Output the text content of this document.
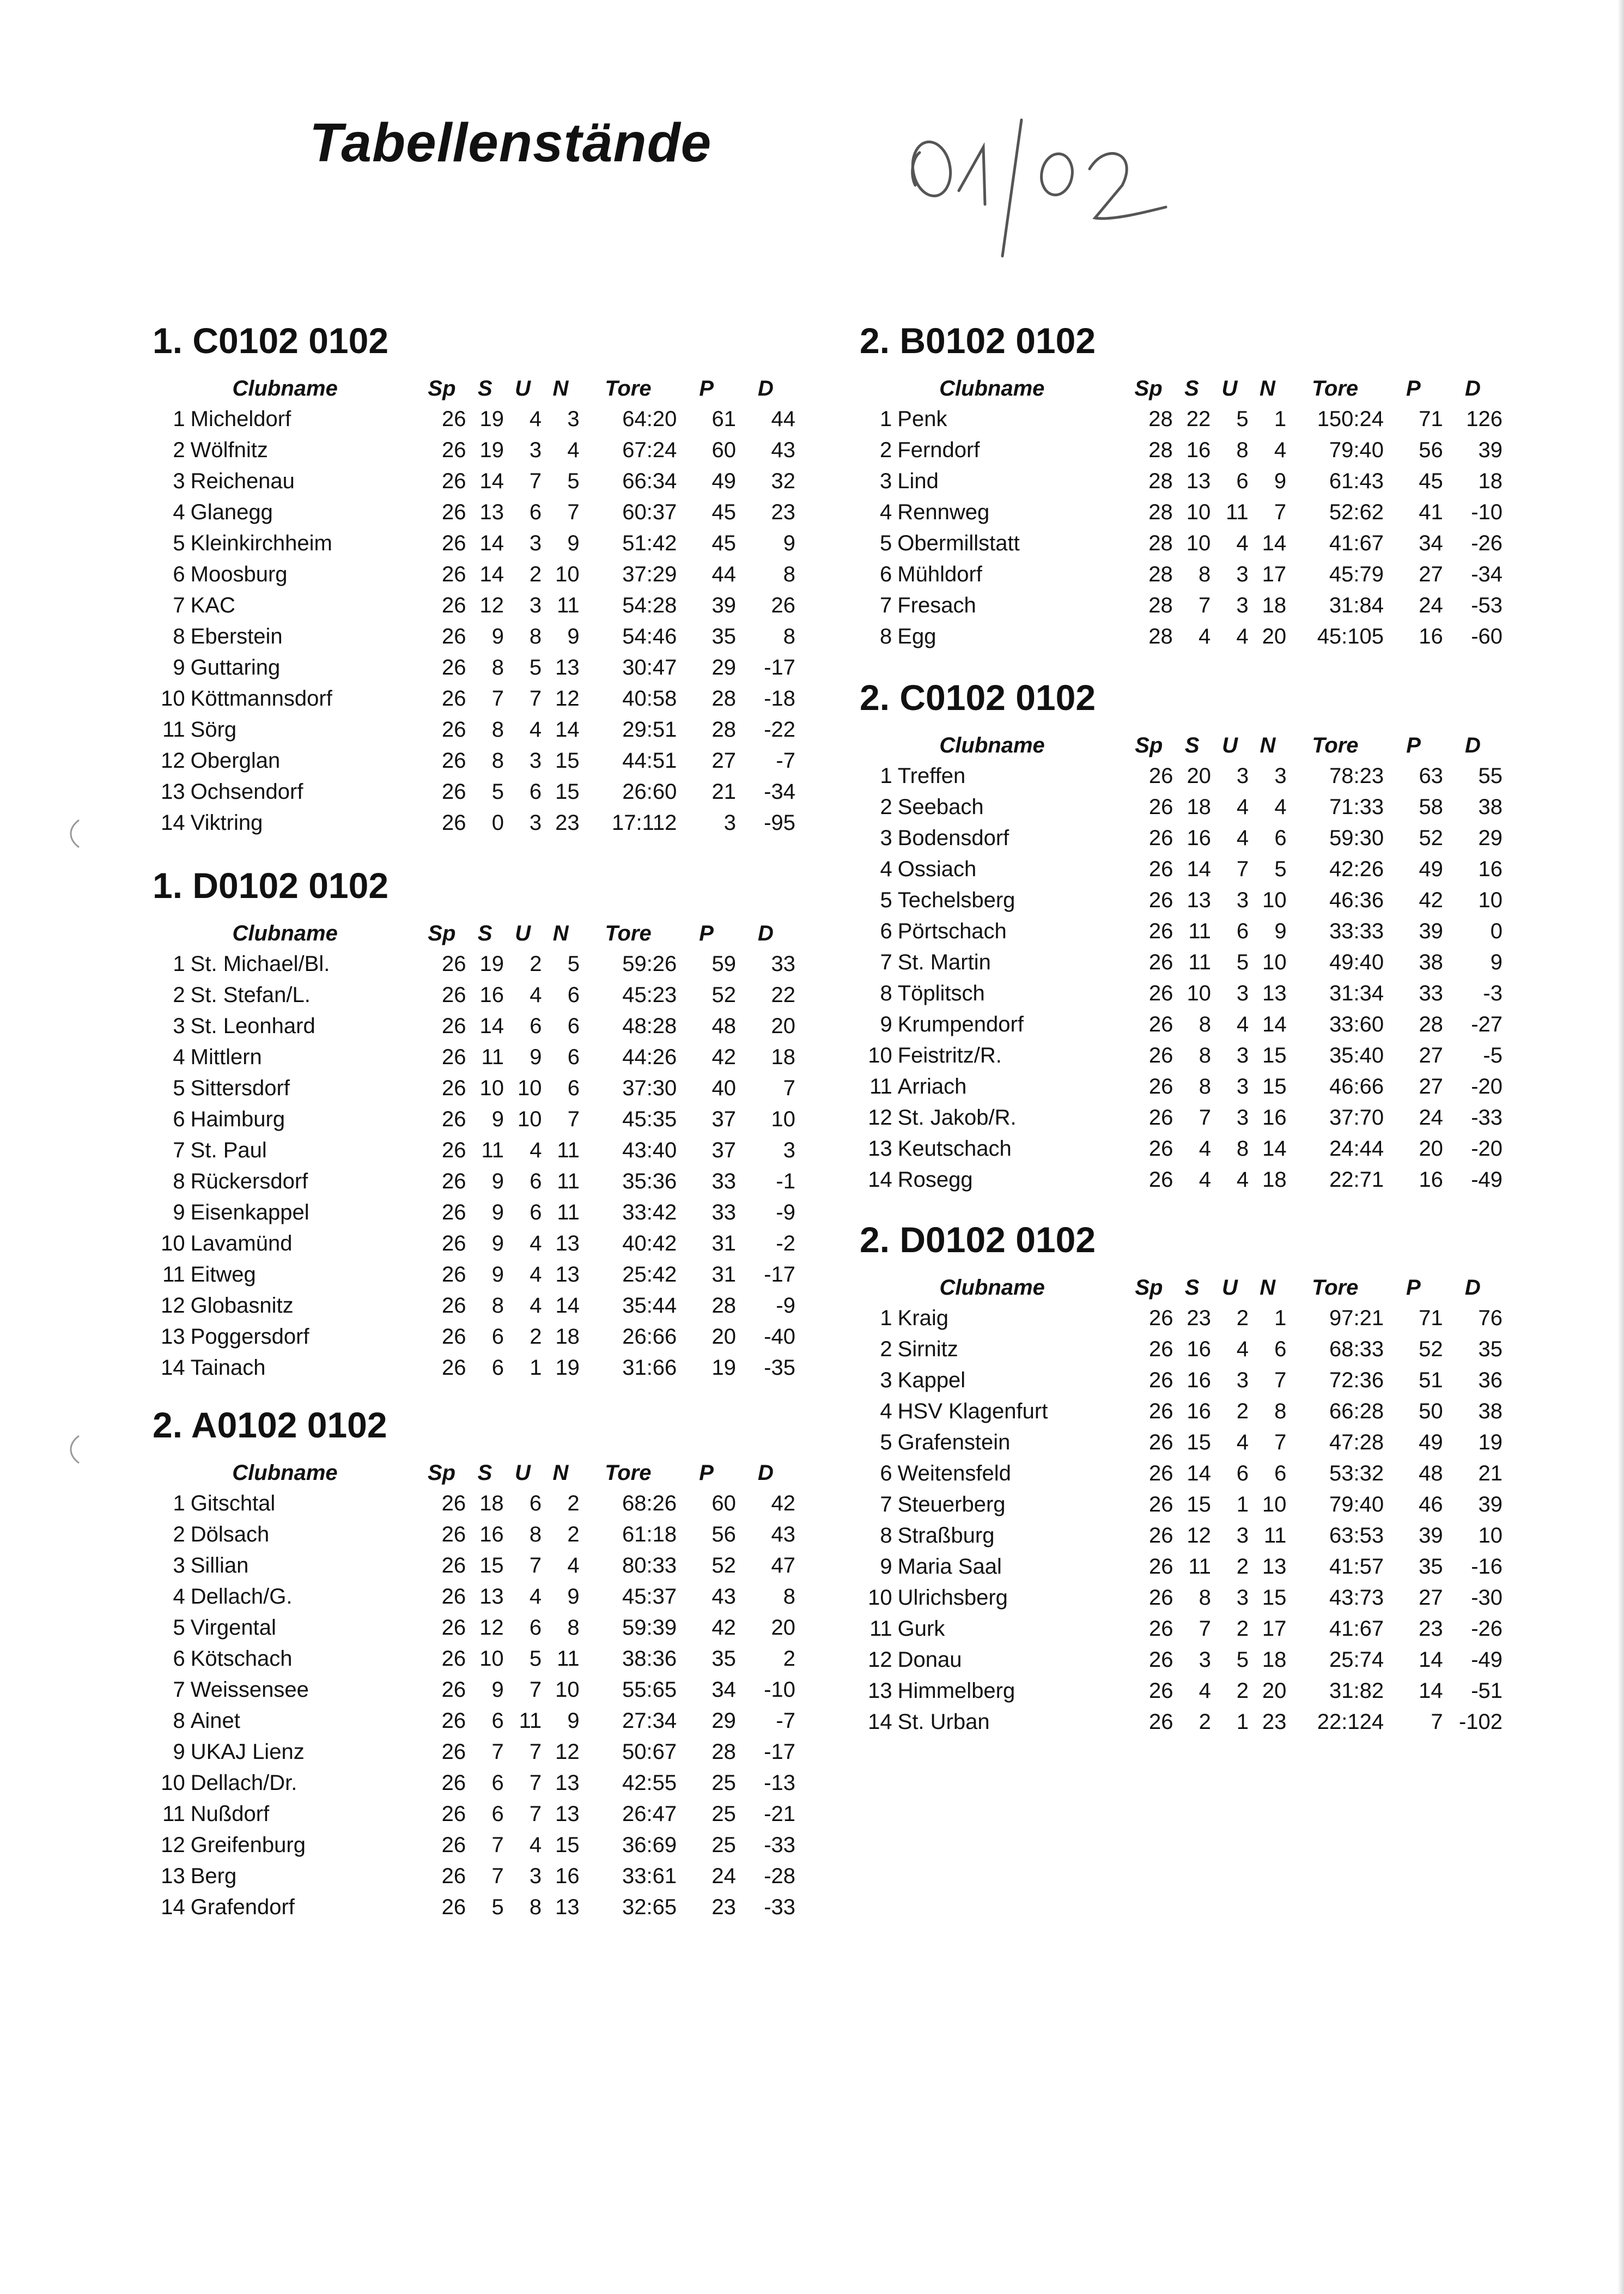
Tabellenstände
1. C0102 0102
Clubname		Sp	S	U	N	Tore	P	D
1	Micheldorf	26	19	4	3	64:20	61	44
2	Wölfnitz	26	19	3	4	67:24	60	43
3	Reichenau	26	14	7	5	66:34	49	32
4	Glanegg	26	13	6	7	60:37	45	23
5	Kleinkirchheim	26	14	3	9	51:42	45	9
6	Moosburg	26	14	2	10	37:29	44	8
7	KAC	26	12	3	11	54:28	39	26
8	Eberstein	26	9	8	9	54:46	35	8
9	Guttaring	26	8	5	13	30:47	29	-17
10	Köttmannsdorf	26	7	7	12	40:58	28	-18
11	Sörg	26	8	4	14	29:51	28	-22
12	Oberglan	26	8	3	15	44:51	27	-7
13	Ochsendorf	26	5	6	15	26:60	21	-34
14	Viktring	26	0	3	23	17:112	3	-95
1. D0102 0102
Clubname		Sp	S	U	N	Tore	P	D
1	St. Michael/Bl.	26	19	2	5	59:26	59	33
2	St. Stefan/L.	26	16	4	6	45:23	52	22
3	St. Leonhard	26	14	6	6	48:28	48	20
4	Mittlern	26	11	9	6	44:26	42	18
5	Sittersdorf	26	10	10	6	37:30	40	7
6	Haimburg	26	9	10	7	45:35	37	10
7	St. Paul	26	11	4	11	43:40	37	3
8	Rückersdorf	26	9	6	11	35:36	33	-1
9	Eisenkappel	26	9	6	11	33:42	33	-9
10	Lavamünd	26	9	4	13	40:42	31	-2
11	Eitweg	26	9	4	13	25:42	31	-17
12	Globasnitz	26	8	4	14	35:44	28	-9
13	Poggersdorf	26	6	2	18	26:66	20	-40
14	Tainach	26	6	1	19	31:66	19	-35
2. A0102 0102
Clubname		Sp	S	U	N	Tore	P	D
1	Gitschtal	26	18	6	2	68:26	60	42
2	Dölsach	26	16	8	2	61:18	56	43
3	Sillian	26	15	7	4	80:33	52	47
4	Dellach/G.	26	13	4	9	45:37	43	8
5	Virgental	26	12	6	8	59:39	42	20
6	Kötschach	26	10	5	11	38:36	35	2
7	Weissensee	26	9	7	10	55:65	34	-10
8	Ainet	26	6	11	9	27:34	29	-7
9	UKAJ Lienz	26	7	7	12	50:67	28	-17
10	Dellach/Dr.	26	6	7	13	42:55	25	-13
11	Nußdorf	26	6	7	13	26:47	25	-21
12	Greifenburg	26	7	4	15	36:69	25	-33
13	Berg	26	7	3	16	33:61	24	-28
14	Grafendorf	26	5	8	13	32:65	23	-33
2. B0102 0102
Clubname		Sp	S	U	N	Tore	P	D
1	Penk	28	22	5	1	150:24	71	126
2	Ferndorf	28	16	8	4	79:40	56	39
3	Lind	28	13	6	9	61:43	45	18
4	Rennweg	28	10	11	7	52:62	41	-10
5	Obermillstatt	28	10	4	14	41:67	34	-26
6	Mühldorf	28	8	3	17	45:79	27	-34
7	Fresach	28	7	3	18	31:84	24	-53
8	Egg	28	4	4	20	45:105	16	-60
2. C0102 0102
Clubname		Sp	S	U	N	Tore	P	D
1	Treffen	26	20	3	3	78:23	63	55
2	Seebach	26	18	4	4	71:33	58	38
3	Bodensdorf	26	16	4	6	59:30	52	29
4	Ossiach	26	14	7	5	42:26	49	16
5	Techelsberg	26	13	3	10	46:36	42	10
6	Pörtschach	26	11	6	9	33:33	39	0
7	St. Martin	26	11	5	10	49:40	38	9
8	Töplitsch	26	10	3	13	31:34	33	-3
9	Krumpendorf	26	8	4	14	33:60	28	-27
10	Feistritz/R.	26	8	3	15	35:40	27	-5
11	Arriach	26	8	3	15	46:66	27	-20
12	St. Jakob/R.	26	7	3	16	37:70	24	-33
13	Keutschach	26	4	8	14	24:44	20	-20
14	Rosegg	26	4	4	18	22:71	16	-49
2. D0102 0102
Clubname		Sp	S	U	N	Tore	P	D
1	Kraig	26	23	2	1	97:21	71	76
2	Sirnitz	26	16	4	6	68:33	52	35
3	Kappel	26	16	3	7	72:36	51	36
4	HSV Klagenfurt	26	16	2	8	66:28	50	38
5	Grafenstein	26	15	4	7	47:28	49	19
6	Weitensfeld	26	14	6	6	53:32	48	21
7	Steuerberg	26	15	1	10	79:40	46	39
8	Straßburg	26	12	3	11	63:53	39	10
9	Maria Saal	26	11	2	13	41:57	35	-16
10	Ulrichsberg	26	8	3	15	43:73	27	-30
11	Gurk	26	7	2	17	41:67	23	-26
12	Donau	26	3	5	18	25:74	14	-49
13	Himmelberg	26	4	2	20	31:82	14	-51
14	St. Urban	26	2	1	23	22:124	7	-102
